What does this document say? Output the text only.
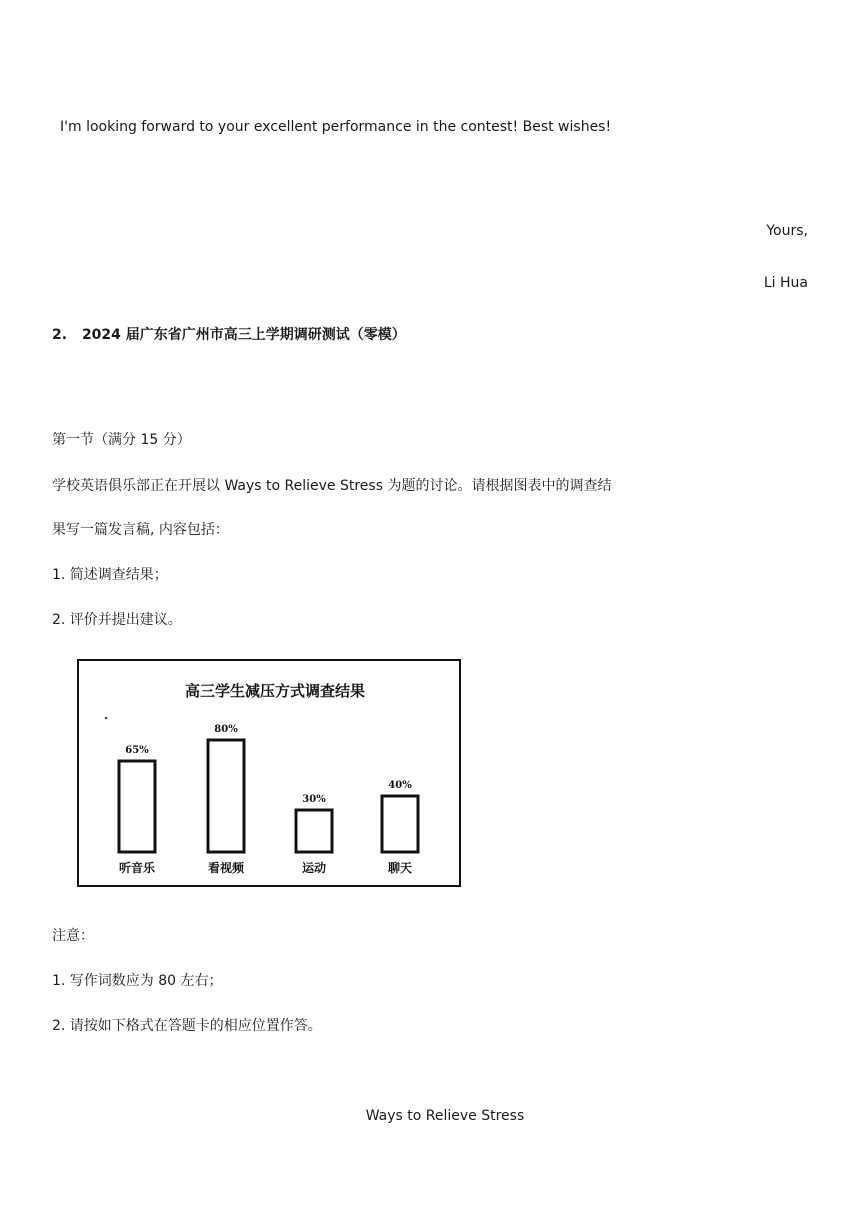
I'm looking forward to your excellent performance in the contest! Best wishes!
Yours,
Li Hua
2. 2024 届广东省广州市高三上学期调研测试（零模）
第一节（满分 15 分）
学校英语俱乐部正在开展以 Ways to Relieve Stress 为题的讨论。请根据图表中的调查结
果写一篇发言稿, 内容包括：
1. 简述调查结果；
2. 评价并提出建议。
高三学生减压方式调查结果
65%
听音乐
80%
看视频
30%
运动
40%
聊天
注意：
1. 写作词数应为 80 左右；
2. 请按如下格式在答题卡的相应位置作答。
Ways to Relieve Stress
